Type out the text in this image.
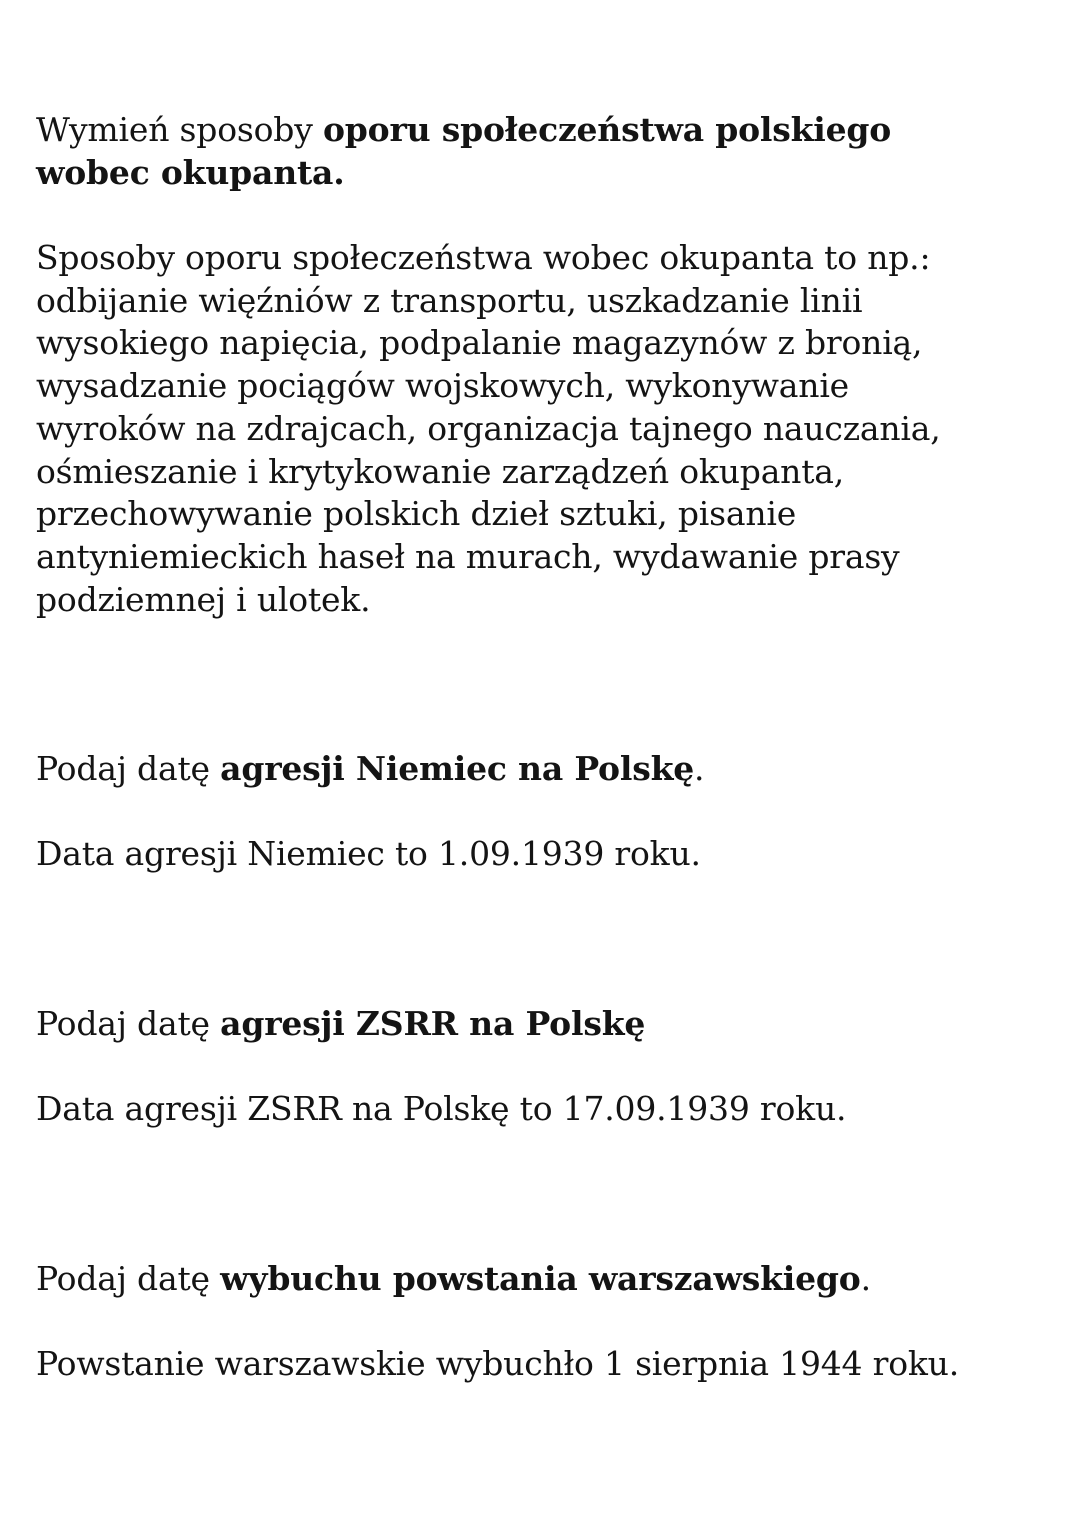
Wymień sposoby oporu społeczeństwa polskiego
wobec okupanta.

Sposoby oporu społeczeństwa wobec okupanta to np.:
odbijanie więźniów z transportu, uszkadzanie linii
wysokiego napięcia, podpalanie magazynów z bronią,
wysadzanie pociągów wojskowych, wykonywanie
wyroków na zdrajcach, organizacja tajnego nauczania,
ośmieszanie i krytykowanie zarządzeń okupanta,
przechowywanie polskich dzieł sztuki, pisanie
antyniemieckich haseł na murach, wydawanie prasy
podziemnej i ulotek.

Podaj datę agresji Niemiec na Polskę.

Data agresji Niemiec to 1.09.1939 roku.

Podaj datę agresji ZSRR na Polskę

Data agresji ZSRR na Polskę to 17.09.1939 roku.

Podaj datę wybuchu powstania warszawskiego.

Powstanie warszawskie wybuchło 1 sierpnia 1944 roku.
